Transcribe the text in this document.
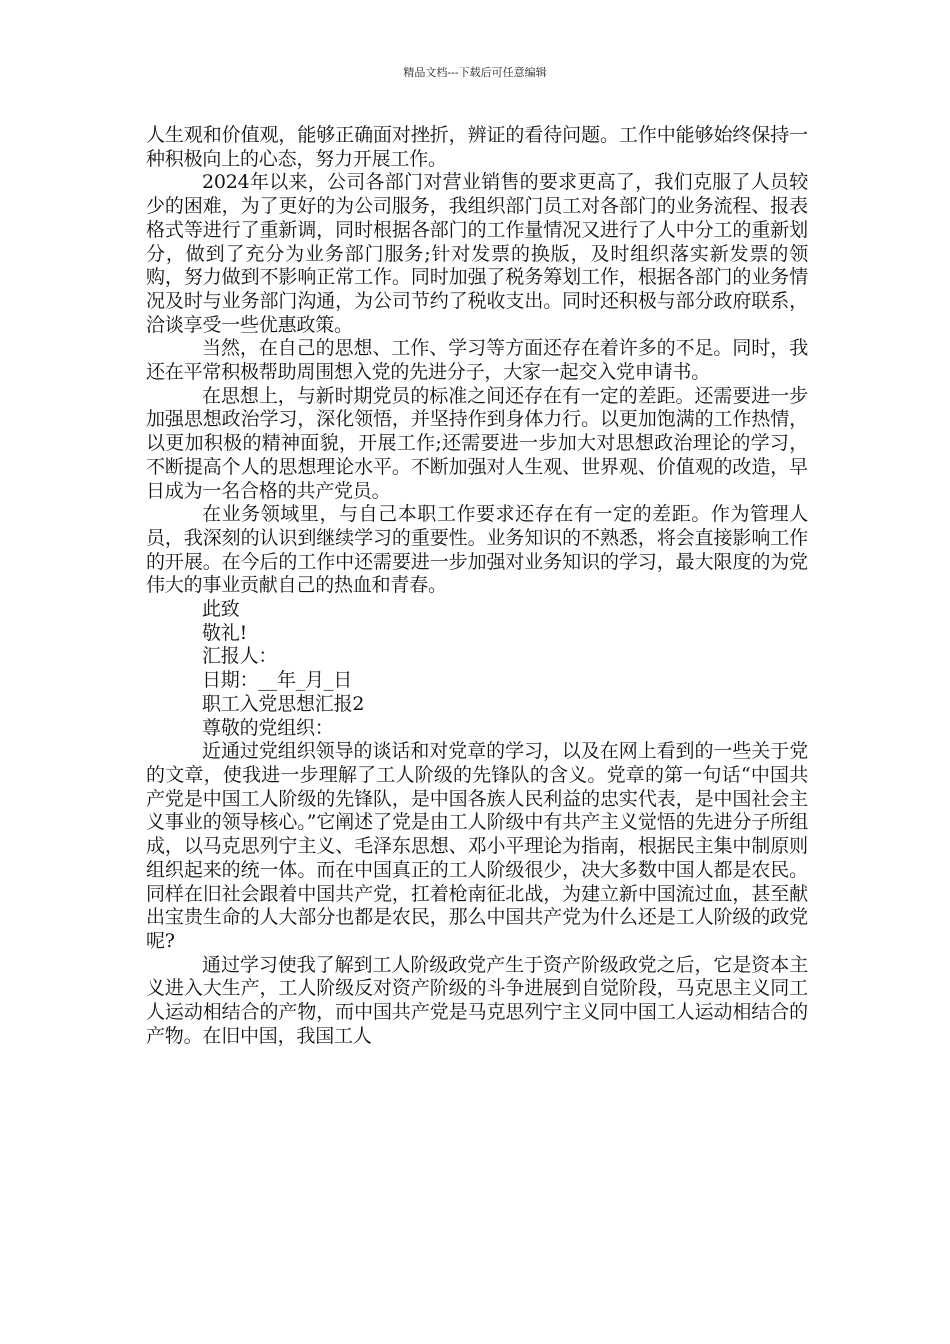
精品文档---下载后可任意编辑

人生观和价值观，能够正确面对挫折，辨证的看待问题。工作中能够始终保持一种积极向上的心态，努力开展工作。

2024年以来，公司各部门对营业销售的要求更高了，我们克服了人员较少的困难，为了更好的为公司服务，我组织部门员工对各部门的业务流程、报表格式等进行了重新调，同时根据各部门的工作量情况又进行了人中分工的重新划分，做到了充分为业务部门服务;针对发票的换版，及时组织落实新发票的领购，努力做到不影响正常工作。同时加强了税务筹划工作，根据各部门的业务情况及时与业务部门沟通，为公司节约了税收支出。同时还积极与部分政府联系，洽谈享受一些优惠政策。

当然，在自己的思想、工作、学习等方面还存在着许多的不足。同时，我还在平常积极帮助周围想入党的先进分子，大家一起交入党申请书。

在思想上，与新时期党员的标准之间还存在有一定的差距。还需要进一步加强思想政治学习，深化领悟，并坚持作到身体力行。以更加饱满的工作热情，以更加积极的精神面貌，开展工作;还需要进一步加大对思想政治理论的学习，不断提高个人的思想理论水平。不断加强对人生观、世界观、价值观的改造，早日成为一名合格的共产党员。

在业务领域里，与自己本职工作要求还存在有一定的差距。作为管理人员，我深刻的认识到继续学习的重要性。业务知识的不熟悉，将会直接影响工作的开展。在今后的工作中还需要进一步加强对业务知识的学习，最大限度的为党伟大的事业贡献自己的热血和青春。

此致

敬礼!

汇报人：

日期：__年_月_日

职工入党思想汇报2

尊敬的党组织：

近通过党组织领导的谈话和对党章的学习，以及在网上看到的一些关于党的文章，使我进一步理解了工人阶级的先锋队的含义。党章的第一句话“中国共产党是中国工人阶级的先锋队，是中国各族人民利益的忠实代表，是中国社会主义事业的领导核心。”它阐述了党是由工人阶级中有共产主义觉悟的先进分子所组成，以马克思列宁主义、毛泽东思想、邓小平理论为指南，根据民主集中制原则组织起来的统一体。而在中国真正的工人阶级很少，决大多数中国人都是农民。同样在旧社会跟着中国共产党，扛着枪南征北战，为建立新中国流过血，甚至献出宝贵生命的人大部分也都是农民，那么中国共产党为什么还是工人阶级的政党呢?

通过学习使我了解到工人阶级政党产生于资产阶级政党之后，它是资本主义进入大生产，工人阶级反对资产阶级的斗争进展到自觉阶段，马克思主义同工人运动相结合的产物，而中国共产党是马克思列宁主义同中国工人运动相结合的产物。在旧中国，我国工人
